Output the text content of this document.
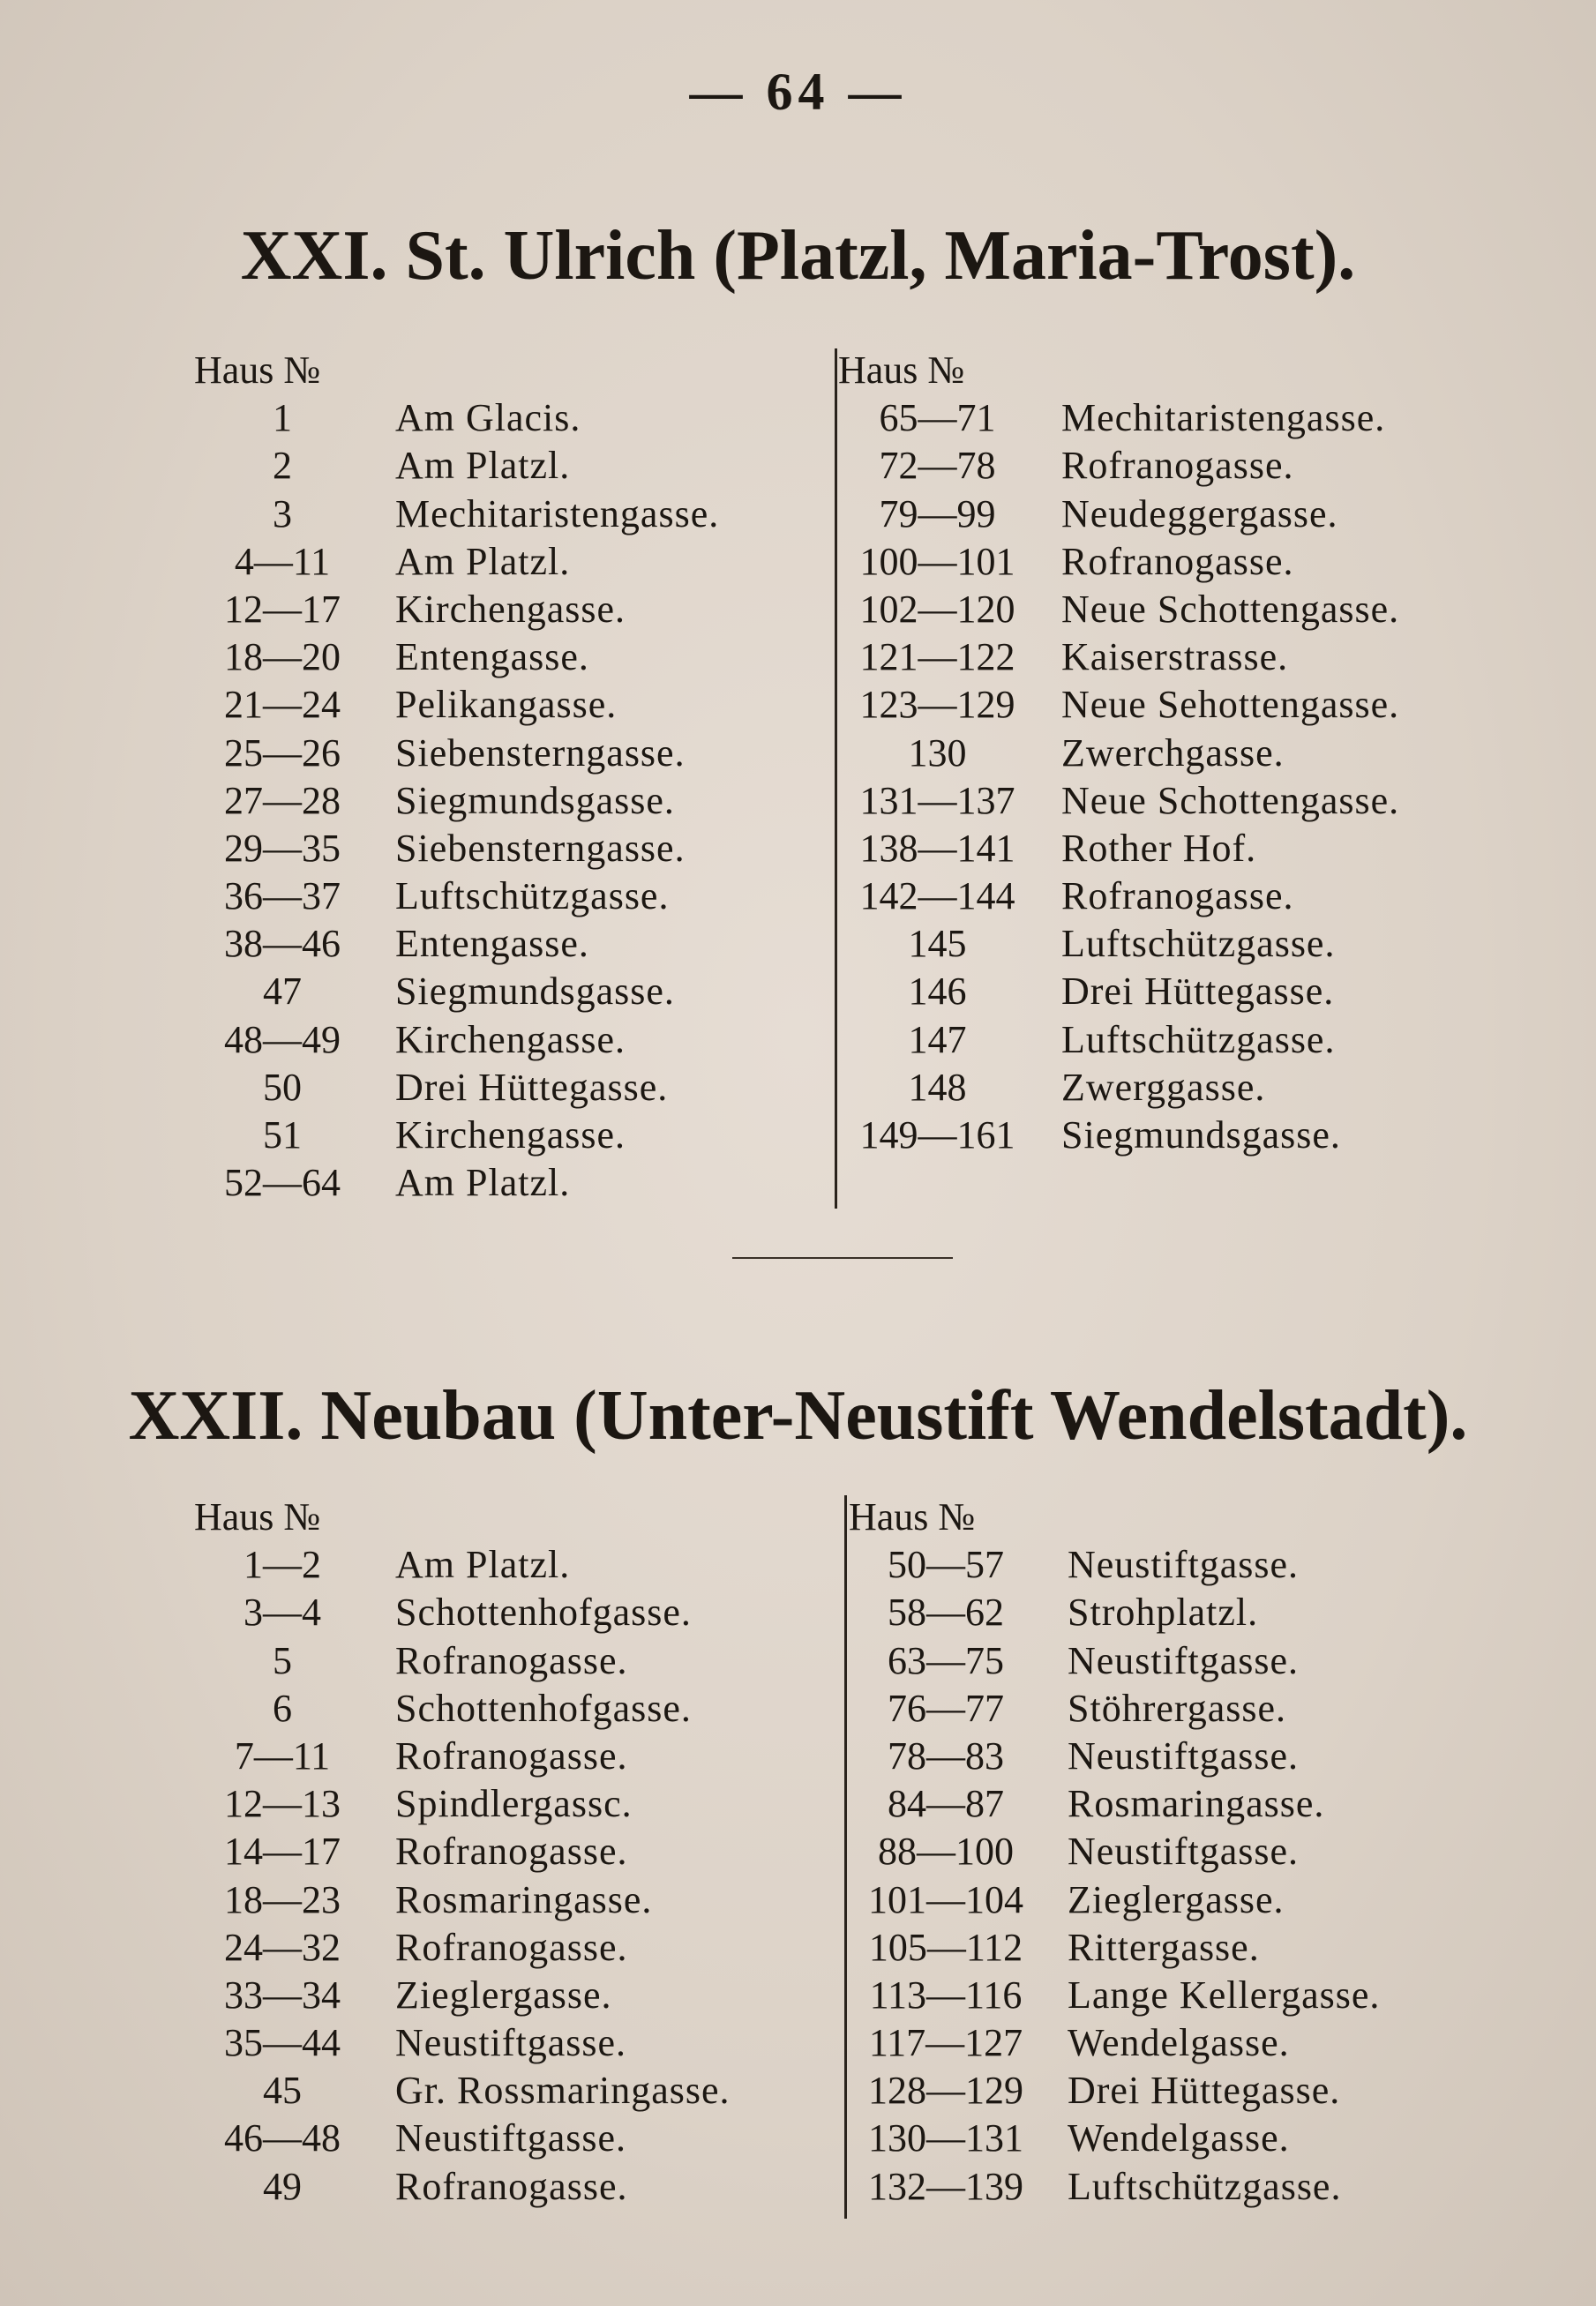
— 64 —
XXI. St. Ulrich (Platzl, Maria-Trost).
Haus №
1	Am Glacis.
2	Am Platzl.
3	Mechitaristengasse.
4—11	Am Platzl.
12—17	Kirchengasse.
18—20	Entengasse.
21—24	Pelikangasse.
25—26	Siebensterngasse.
27—28	Siegmundsgasse.
29—35	Siebensterngasse.
36—37	Luftschützgasse.
38—46	Entengasse.
47	Siegmundsgasse.
48—49	Kirchengasse.
50	Drei Hüttegasse.
51	Kirchengasse.
52—64	Am Platzl.
Haus №
65—71	Mechitaristengasse.
72—78	Rofranogasse.
79—99	Neudeggergasse.
100—101	Rofranogasse.
102—120	Neue Schottengasse.
121—122	Kaiserstrasse.
123—129	Neue Sehottengasse.
130	Zwerchgasse.
131—137	Neue Schottengasse.
138—141	Rother Hof.
142—144	Rofranogasse.
145	Luftschützgasse.
146	Drei Hüttegasse.
147	Luftschützgasse.
148	Zwerggasse.
149—161	Siegmundsgasse.
XXII. Neubau (Unter-Neustift Wendelstadt).
Haus №
1—2	Am Platzl.
3—4	Schottenhofgasse.
5	Rofranogasse.
6	Schottenhofgasse.
7—11	Rofranogasse.
12—13	Spindlergassc.
14—17	Rofranogasse.
18—23	Rosmaringasse.
24—32	Rofranogasse.
33—34	Zieglergasse.
35—44	Neustiftgasse.
45	Gr. Rossmaringasse.
46—48	Neustiftgasse.
49	Rofranogasse.
Haus №
50—57	Neustiftgasse.
58—62	Strohplatzl.
63—75	Neustiftgasse.
76—77	Stöhrergasse.
78—83	Neustiftgasse.
84—87	Rosmaringasse.
88—100	Neustiftgasse.
101—104	Zieglergasse.
105—112	Rittergasse.
113—116	Lange Kellergasse.
117—127	Wendelgasse.
128—129	Drei Hüttegasse.
130—131	Wendelgasse.
132—139	Luftschützgasse.
